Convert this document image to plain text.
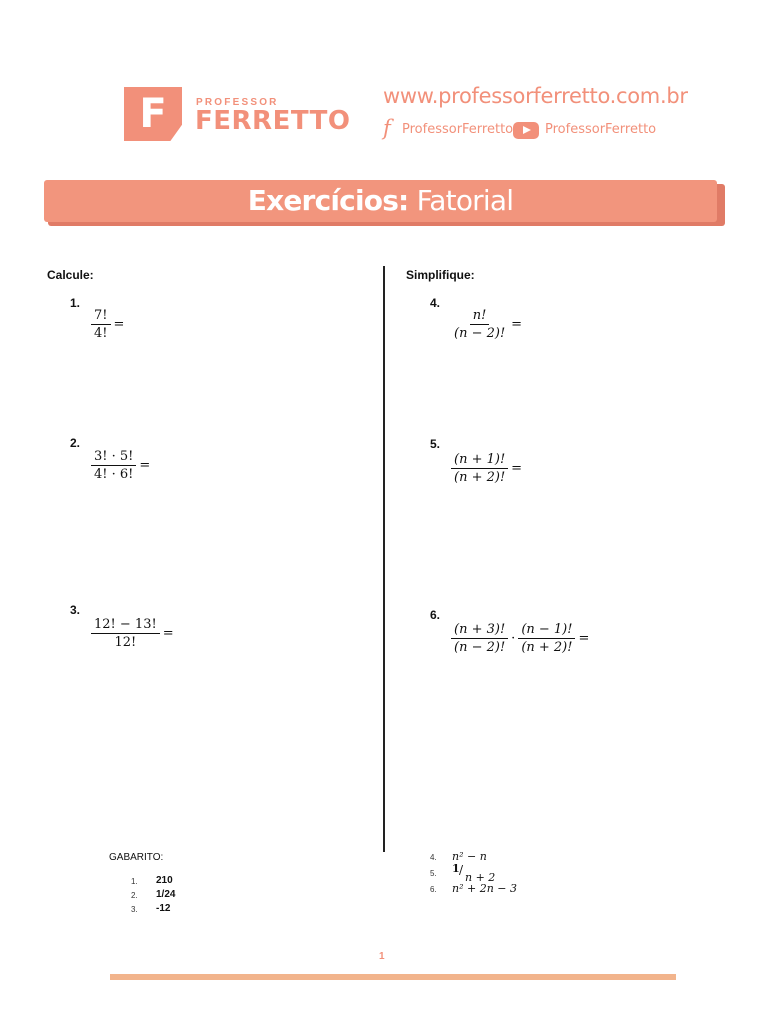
F	PROFESSOR
FERRETTO
www.professorferretto.com.br
f ProfessorFerretto ProfessorFerretto
Exercícios: Fatorial
Calcule:
1.
$\frac{7!}{4!}$ =
2.
$\frac{3! \cdot 5!}{4! \cdot 6!}$ =
3.
$\frac{12! - 13!}{12!}$ =
Simplifique:
4.
$\frac{n!}{(n - 2)!}$ =
5.
$\frac{(n + 1)!}{(n + 2)!}$ =
6.
$\frac{(n + 3)!}{(n - 2)!} \cdot \frac{(n - 1)!}{(n + 2)!}$ =
GABARITO:
1. 210
2. 1/24
3. -12
4. n² − n
5. 1 /
n + 2
6. n² + 2n − 3
1
